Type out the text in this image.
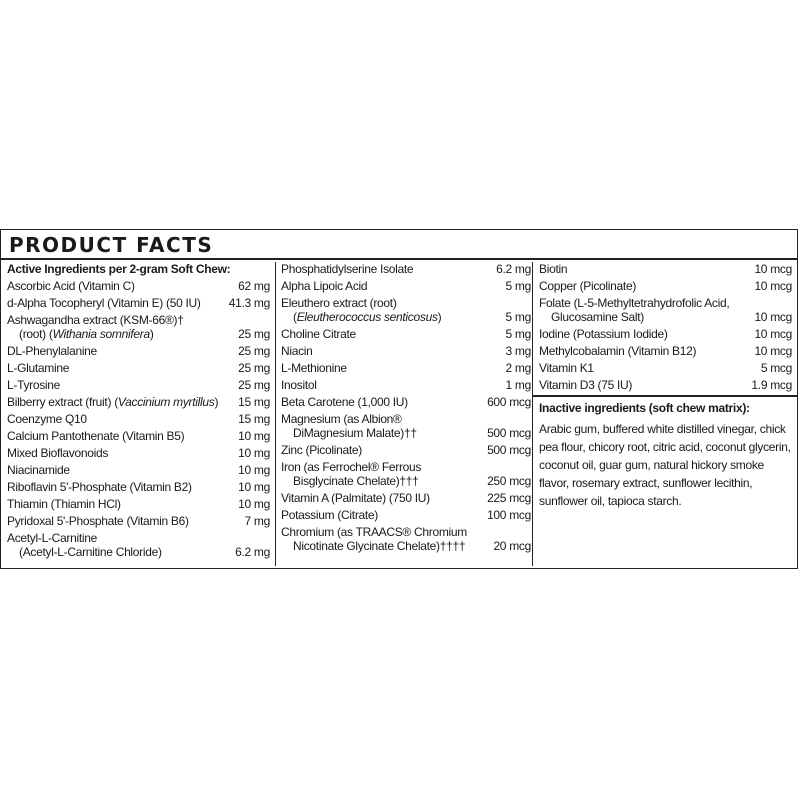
PRODUCT FACTS
Active Ingredients per 2-gram Soft Chew:
Ascorbic Acid (Vitamin C)	62 mg
d-Alpha Tocopheryl (Vitamin E) (50 IU)	41.3 mg
Ashwagandha extract (KSM-66®)†
(root) (Withania somnifera)	25 mg
DL-Phenylalanine	25 mg
L-Glutamine	25 mg
L-Tyrosine	25 mg
Bilberry extract (fruit) (Vaccinium myrtillus)	15 mg
Coenzyme Q10	15 mg
Calcium Pantothenate (Vitamin B5)	10 mg
Mixed Bioflavonoids	10 mg
Niacinamide	10 mg
Riboflavin 5'-Phosphate (Vitamin B2)	10 mg
Thiamin (Thiamin HCl)	10 mg
Pyridoxal 5'-Phosphate (Vitamin B6)	7 mg
Acetyl-L-Carnitine
(Acetyl-L-Carnitine Chloride)	6.2 mg
Phosphatidylserine Isolate	6.2 mg
Alpha Lipoic Acid	5 mg
Eleuthero extract (root)
(Eleutherococcus senticosus)	5 mg
Choline Citrate	5 mg
Niacin	3 mg
L-Methionine	2 mg
Inositol	1 mg
Beta Carotene (1,000 IU)	600 mcg
Magnesium (as Albion®
DiMagnesium Malate)††	500 mcg
Zinc (Picolinate)	500 mcg
Iron (as Ferrochel® Ferrous
Bisglycinate Chelate)†††	250 mcg
Vitamin A (Palmitate) (750 IU)	225 mcg
Potassium (Citrate)	100 mcg
Chromium (as TRAACS® Chromium
Nicotinate Glycinate Chelate)††††	20 mcg
Biotin	10 mcg
Copper (Picolinate)	10 mcg
Folate (L-5-Methyltetrahydrofolic Acid,
Glucosamine Salt)	10 mcg
Iodine (Potassium Iodide)	10 mcg
Methylcobalamin (Vitamin B12)	10 mcg
Vitamin K1	5 mcg
Vitamin D3 (75 IU)	1.9 mcg
Inactive ingredients (soft chew matrix):
Arabic gum, buffered white distilled vinegar, chick pea flour, chicory root, citric acid, coconut glycerin, coconut oil, guar gum, natural hickory smoke flavor, rosemary extract, sunflower lecithin, sunflower oil, tapioca starch.
